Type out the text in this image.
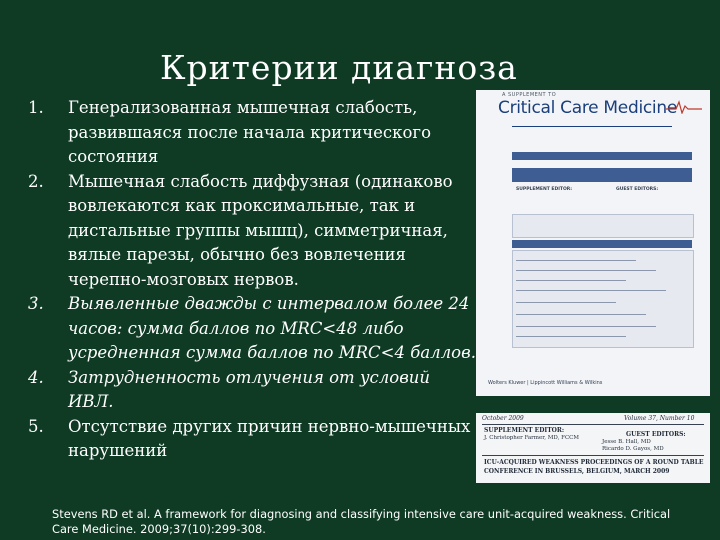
Критерии диагноза
1.	Генерализованная мышечная слабость, развившаяся после начала критического состояния
2.	Мышечная слабость диффузная (одинаково вовлекаются как проксимальные, так и дистальные группы мышц), симметричная, вялые парезы, обычно без вовлечения черепно-мозговых нервов.
3.	Выявленные дважды с интервалом более 24 часов: сумма баллов по MRC<48 либо усредненная сумма баллов по MRC<4 баллов.
4.	Затрудненность отлучения от условий ИВЛ.
5.	Отсутствие других причин нервно-мышечных нарушений
A SUPPLEMENT TO
Critical Care Medicine
SUPPLEMENT EDITOR:	GUEST EDITORS:
Wolters Kluwer | Lippincott Williams & Wilkins
October 2009	Volume 37, Number 10
SUPPLEMENT EDITOR:
J. Christopher Farmer, MD, FCCM	GUEST EDITORS:
Jesse B. Hall, MD
Ricardo D. Gayos, MD
ICU-ACQUIRED WEAKNESS PROCEEDINGS OF A ROUND TABLE
CONFERENCE IN BRUSSELS, BELGIUM, MARCH 2009
Stevens RD et al. A framework for diagnosing and classifying intensive care unit-acquired weakness. Critical Care Medicine. 2009;37(10):299-308.
